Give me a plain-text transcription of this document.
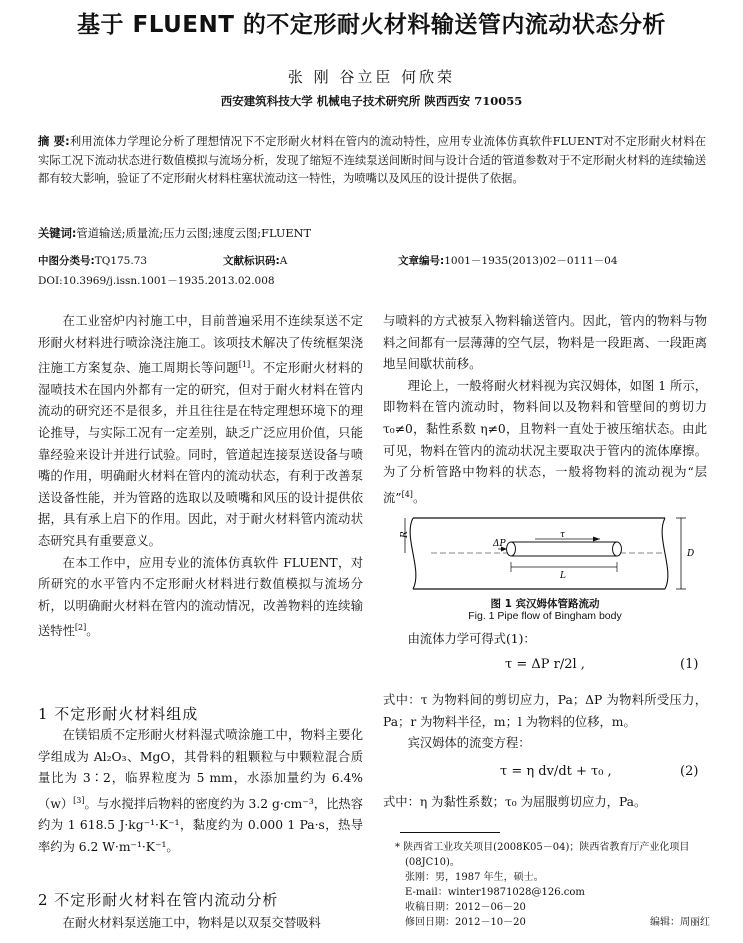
基于 FLUENT 的不定形耐火材料输送管内流动状态分析
张 刚 谷立臣 何欣荣
西安建筑科技大学 机械电子技术研究所 陕西西安 710055
摘 要:利用流体力学理论分析了理想情况下不定形耐火材料在管内的流动特性，应用专业流体仿真软件FLUENT对不定形耐火材料在实际工况下流动状态进行数值模拟与流场分析，发现了缩短不连续泵送间断时间与设计合适的管道参数对于不定形耐火材料的连续输送都有较大影响，验证了不定形耐火材料柱塞状流动这一特性，为喷嘴以及风压的设计提供了依据。
关键词:管道输送;质量流;压力云图;速度云图;FLUENT
中图分类号:TQ175.73	文献标识码:A	文章编号:1001－1935(2013)02－0111－04
DOI:10.3969/j.issn.1001－1935.2013.02.008

在工业窑炉内衬施工中，目前普遍采用不连续泵送不定形耐火材料进行喷涂浇注施工。该项技术解决了传统框架浇注施工方案复杂、施工周期长等问题[1]。不定形耐火材料的湿喷技术在国内外都有一定的研究，但对于耐火材料在管内流动的研究还不是很多，并且往往是在特定理想环境下的理论推导，与实际工况有一定差别，缺乏广泛应用价值，只能靠经验来设计并进行试验。同时，管道起连接泵送设备与喷嘴的作用，明确耐火材料在管内的流动状态，有利于改善泵送设备性能，并为管路的选取以及喷嘴和风压的设计提供依据，具有承上启下的作用。因此，对于耐火材料管内流动状态研究具有重要意义。

在本工作中，应用专业的流体仿真软件 FLUENT，对所研究的水平管内不定形耐火材料进行数值模拟与流场分析，以明确耐火材料在管内的流动情况，改善物料的连续输送特性[2]。

1 不定形耐火材料组成

在镁铝质不定形耐火材料湿式喷涂施工中，物料主要化学组成为 Al₂O₃、MgO，其骨料的粗颗粒与中颗粒混合质量比为 3∶2，临界粒度为 5 mm，水添加量约为 6.4%（w）[3]。与水搅拌后物料的密度约为 3.2 g·cm⁻³，比热容约为 1 618.5 J·kg⁻¹·K⁻¹，黏度约为 0.000 1 Pa·s，热导率约为 6.2 W·m⁻¹·K⁻¹。

2 不定形耐火材料在管内流动分析

在耐火材料泵送施工中，物料是以双泵交替吸料

与喷料的方式被泵入物料输送管内。因此，管内的物料与物料之间都有一层薄薄的空气层，物料是一段距离、一段距离地呈间歇状前移。

理论上，一般将耐火材料视为宾汉姆体，如图 1 所示，即物料在管内流动时，物料间以及物料和管壁间的剪切力 τ₀≠0，黏性系数 η≠0，且物料一直处于被压缩状态。由此可见，物料在管内的流动状况主要取决于管内的流体摩擦。为了分析管路中物料的状态，一般将物料的流动视为“层流”[4]。

R	τ
ΔP
L
D
图 1 宾汉姆体管路流动
Fig. 1 Pipe flow of Bingham body

由流体力学可得式(1)：

τ = ΔP r/2l ,	(1)

式中：τ 为物料间的剪切应力，Pa；ΔP 为物料所受压力，Pa；r 为物料半径，m；l 为物料的位移，m。

宾汉姆体的流变方程：

τ = η dv/dt + τ₀ ,	(2)

式中：η 为黏性系数；τ₀ 为屈服剪切应力，Pa。

* 陕西省工业攻关项目(2008K05－04)；陕西省教育厅产业化项目
(08JC10)。
张刚：男，1987 年生，硕士。
E-mail：winter19871028@126.com
收稿日期：2012－06－20
修回日期：2012－10－20	编辑：周丽红
